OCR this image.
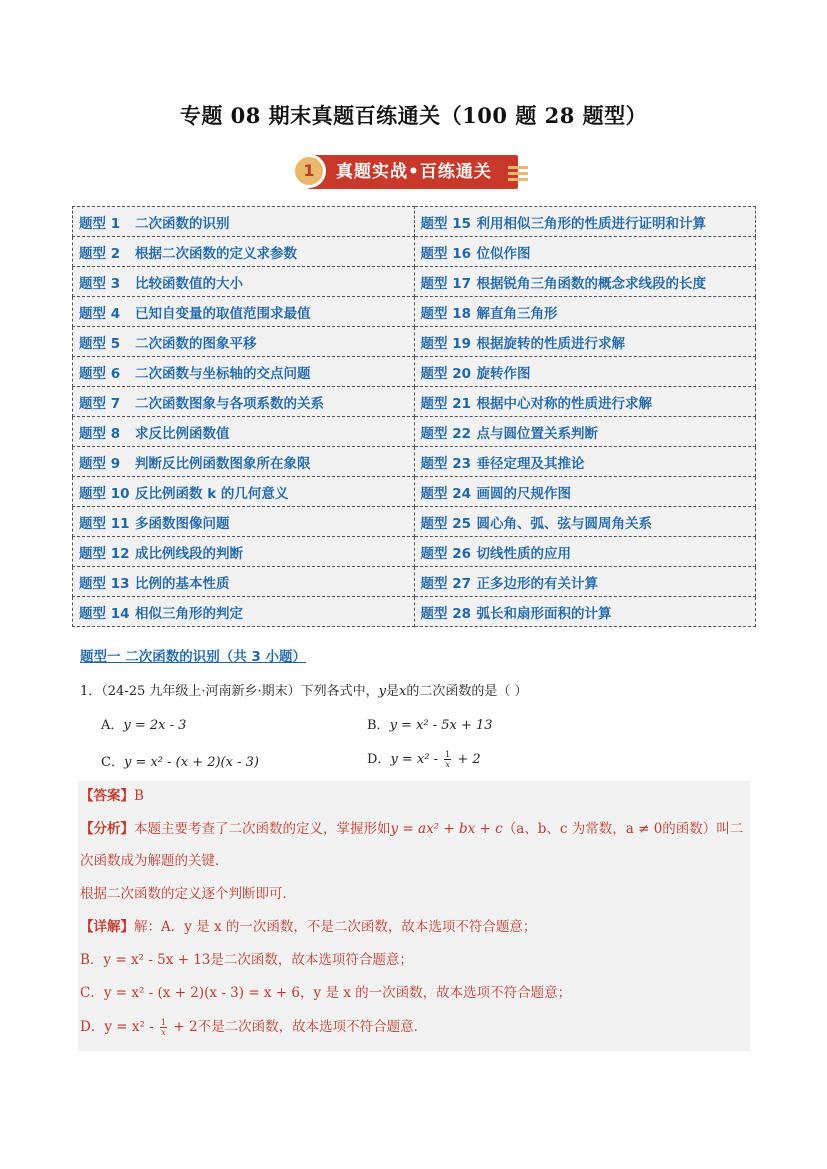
专题 08 期末真题百练通关（100 题 28 题型）
1	真题实战•百练通关
题型 1 二次函数的识别	题型 15 利用相似三角形的性质进行证明和计算
题型 2 根据二次函数的定义求参数	题型 16 位似作图
题型 3 比较函数值的大小	题型 17 根据锐角三角函数的概念求线段的长度
题型 4 已知自变量的取值范围求最值	题型 18 解直角三角形
题型 5 二次函数的图象平移	题型 19 根据旋转的性质进行求解
题型 6 二次函数与坐标轴的交点问题	题型 20 旋转作图
题型 7 二次函数图象与各项系数的关系	题型 21 根据中心对称的性质进行求解
题型 8 求反比例函数值	题型 22 点与圆位置关系判断
题型 9 判断反比例函数图象所在象限	题型 23 垂径定理及其推论
题型 10 反比例函数 k 的几何意义	题型 24 画圆的尺规作图
题型 11 多函数图像问题	题型 25 圆心角、弧、弦与圆周角关系
题型 12 成比例线段的判断	题型 26 切线性质的应用
题型 13 比例的基本性质	题型 27 正多边形的有关计算
题型 14 相似三角形的判定	题型 28 弧长和扇形面积的计算
题型一 二次函数的识别（共 3 小题）
1．（24-25 九年级上·河南新乡·期末）下列各式中，y是x的二次函数的是（ ）
A．y = 2x - 3	B．y = x² - 5x + 13
C．y = x² - (x + 2)(x - 3)	D．$y = x^2 - \frac{1}{x} + 2$
【答案】B
【分析】本题主要考查了二次函数的定义，掌握形如y = ax² + bx + c（a、b、c 为常数，a ≠ 0的函数）叫二
次函数成为解题的关键．
根据二次函数的定义逐个判断即可．
【详解】解：A．y 是 x 的一次函数，不是二次函数，故本选项不符合题意；
B．y = x² - 5x + 13是二次函数，故本选项符合题意；
C．y = x² - (x + 2)(x - 3) = x + 6，y 是 x 的一次函数，故本选项不符合题意；
D．$y = x^2 - \frac{1}{x} + 2$不是二次函数，故本选项不符合题意．
